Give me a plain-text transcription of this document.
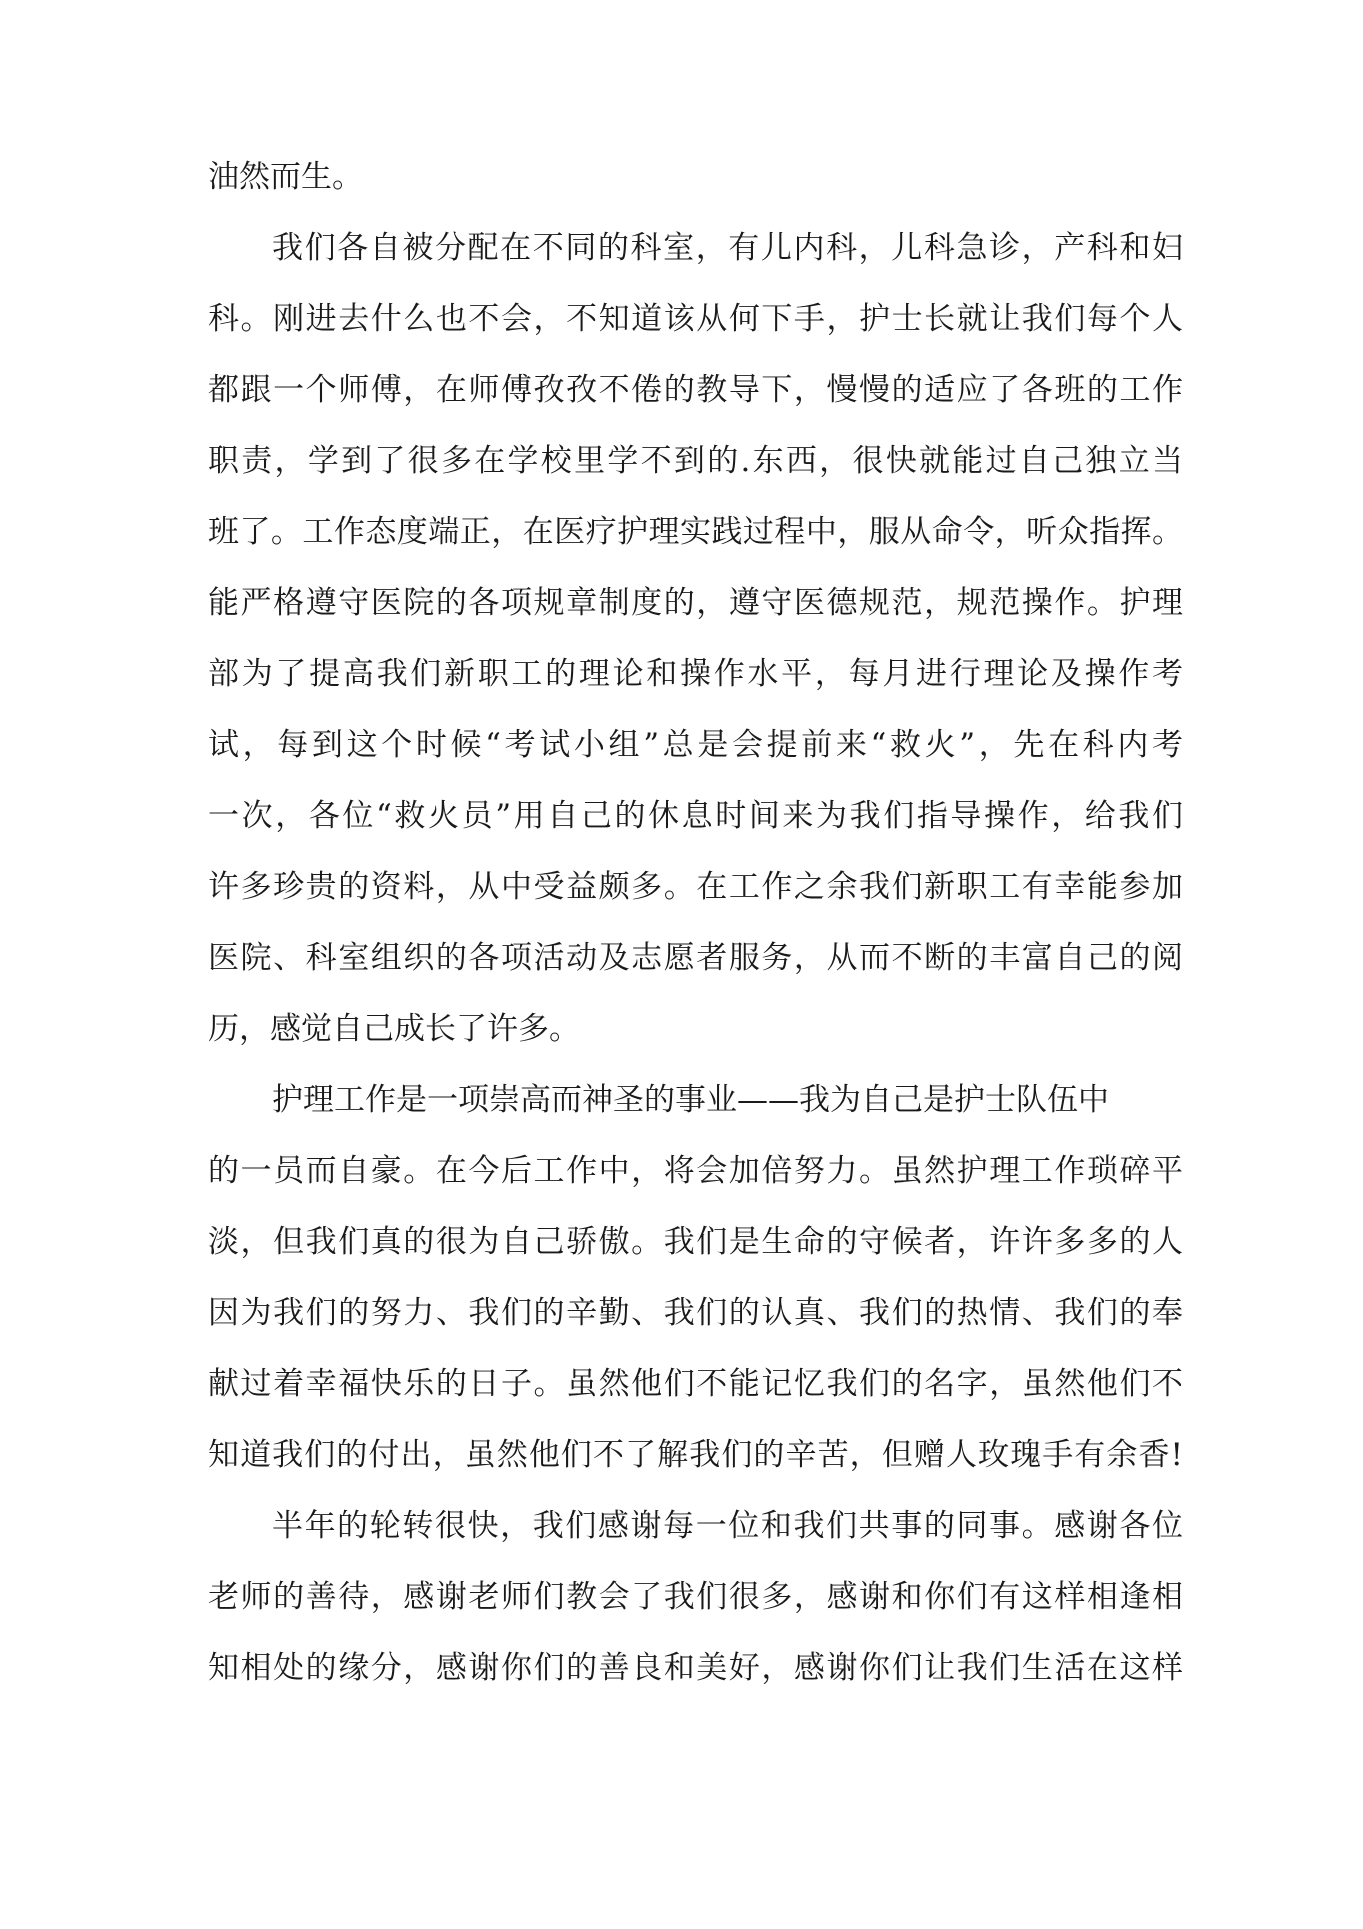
油然而生。
我们各自被分配在不同的科室，有儿内科，儿科急诊，产科和妇
科。刚进去什么也不会，不知道该从何下手，护士长就让我们每个人
都跟一个师傅，在师傅孜孜不倦的教导下，慢慢的适应了各班的工作
职责，学到了很多在学校里学不到的.东西，很快就能过自己独立当
班了。工作态度端正，在医疗护理实践过程中，服从命令，听众指挥。
能严格遵守医院的各项规章制度的，遵守医德规范，规范操作。护理
部为了提高我们新职工的理论和操作水平，每月进行理论及操作考
试，每到这个时候“考试小组”总是会提前来“救火”，先在科内考
一次，各位“救火员”用自己的休息时间来为我们指导操作，给我们
许多珍贵的资料，从中受益颇多。在工作之余我们新职工有幸能参加
医院、科室组织的各项活动及志愿者服务，从而不断的丰富自己的阅
历，感觉自己成长了许多。
护理工作是一项崇高而神圣的事业——我为自己是护士队伍中
的一员而自豪。在今后工作中，将会加倍努力。虽然护理工作琐碎平
淡，但我们真的很为自己骄傲。我们是生命的守候者，许许多多的人
因为我们的努力、我们的辛勤、我们的认真、我们的热情、我们的奉
献过着幸福快乐的日子。虽然他们不能记忆我们的名字，虽然他们不
知道我们的付出，虽然他们不了解我们的辛苦，但赠人玫瑰手有余香!
半年的轮转很快，我们感谢每一位和我们共事的同事。感谢各位
老师的善待，感谢老师们教会了我们很多，感谢和你们有这样相逢相
知相处的缘分，感谢你们的善良和美好，感谢你们让我们生活在这样
